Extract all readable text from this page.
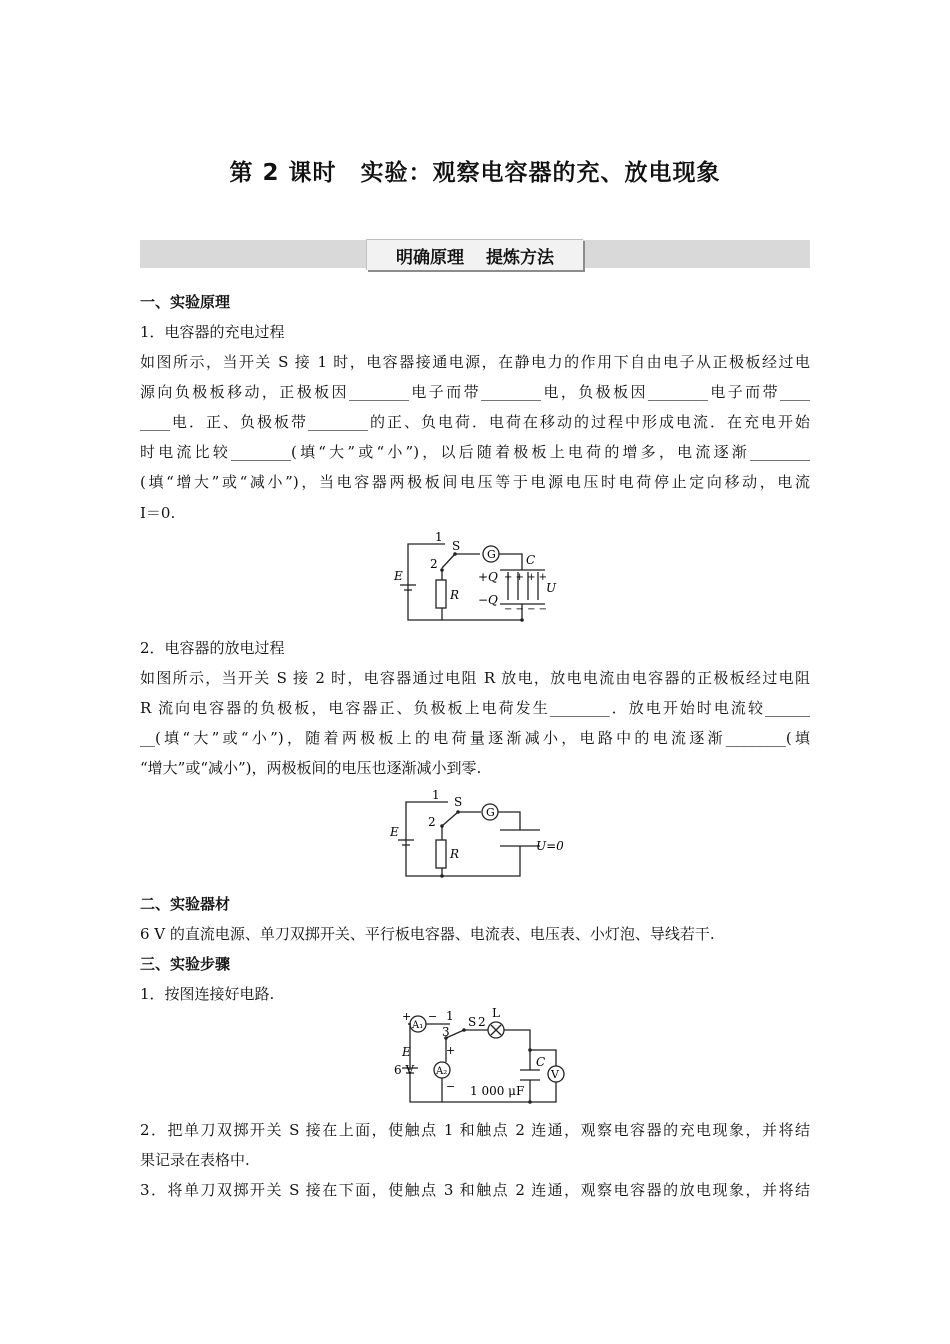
第 2 课时　实验：观察电容器的充、放电现象
明确原理 提炼方法
一、实验原理
1．电容器的充电过程
如图所示，当开关 S 接 1 时，电容器接通电源，在静电力的作用下自由电子从正极板经过电
源向负极板移动，正极板因________电子而带________电，负极板因________电子而带____
____电．正、负极板带________的正、负电荷．电荷在移动的过程中形成电流．在充电开始
时电流比较________(填“大”或“小”)，以后随着极板上电荷的增多，电流逐渐________
(填“增大”或“减小”)，当电容器两极板间电压等于电源电压时电荷停止定向移动，电流
I＝0.
1
S
2
G
E
R
C
+Q
−Q
+ + + +
− − − −
U
2．电容器的放电过程
如图所示，当开关 S 接 2 时，电容器通过电阻 R 放电，放电电流由电容器的正极板经过电阻
R 流向电容器的负极板，电容器正、负极板上电荷发生________．放电开始时电流较______
__(填“大”或“小”)，随着两极板上的电荷量逐渐减小，电路中的电流逐渐________(填
“增大”或“减小”)，两极板间的电压也逐渐减小到零.
1 S
2
G
E
R
U=0
二、实验器材
6 V 的直流电源、单刀双掷开关、平行板电容器、电流表、电压表、小灯泡、导线若干.
三、实验步骤
1．按图连接好电路.
+
A₁
− 1
3
S 2
L
E
6 V
+
A₂
−
C
1 000 μF
V
2．把单刀双掷开关 S 接在上面，使触点 1 和触点 2 连通，观察电容器的充电现象，并将结
果记录在表格中.
3．将单刀双掷开关 S 接在下面，使触点 3 和触点 2 连通，观察电容器的放电现象，并将结
